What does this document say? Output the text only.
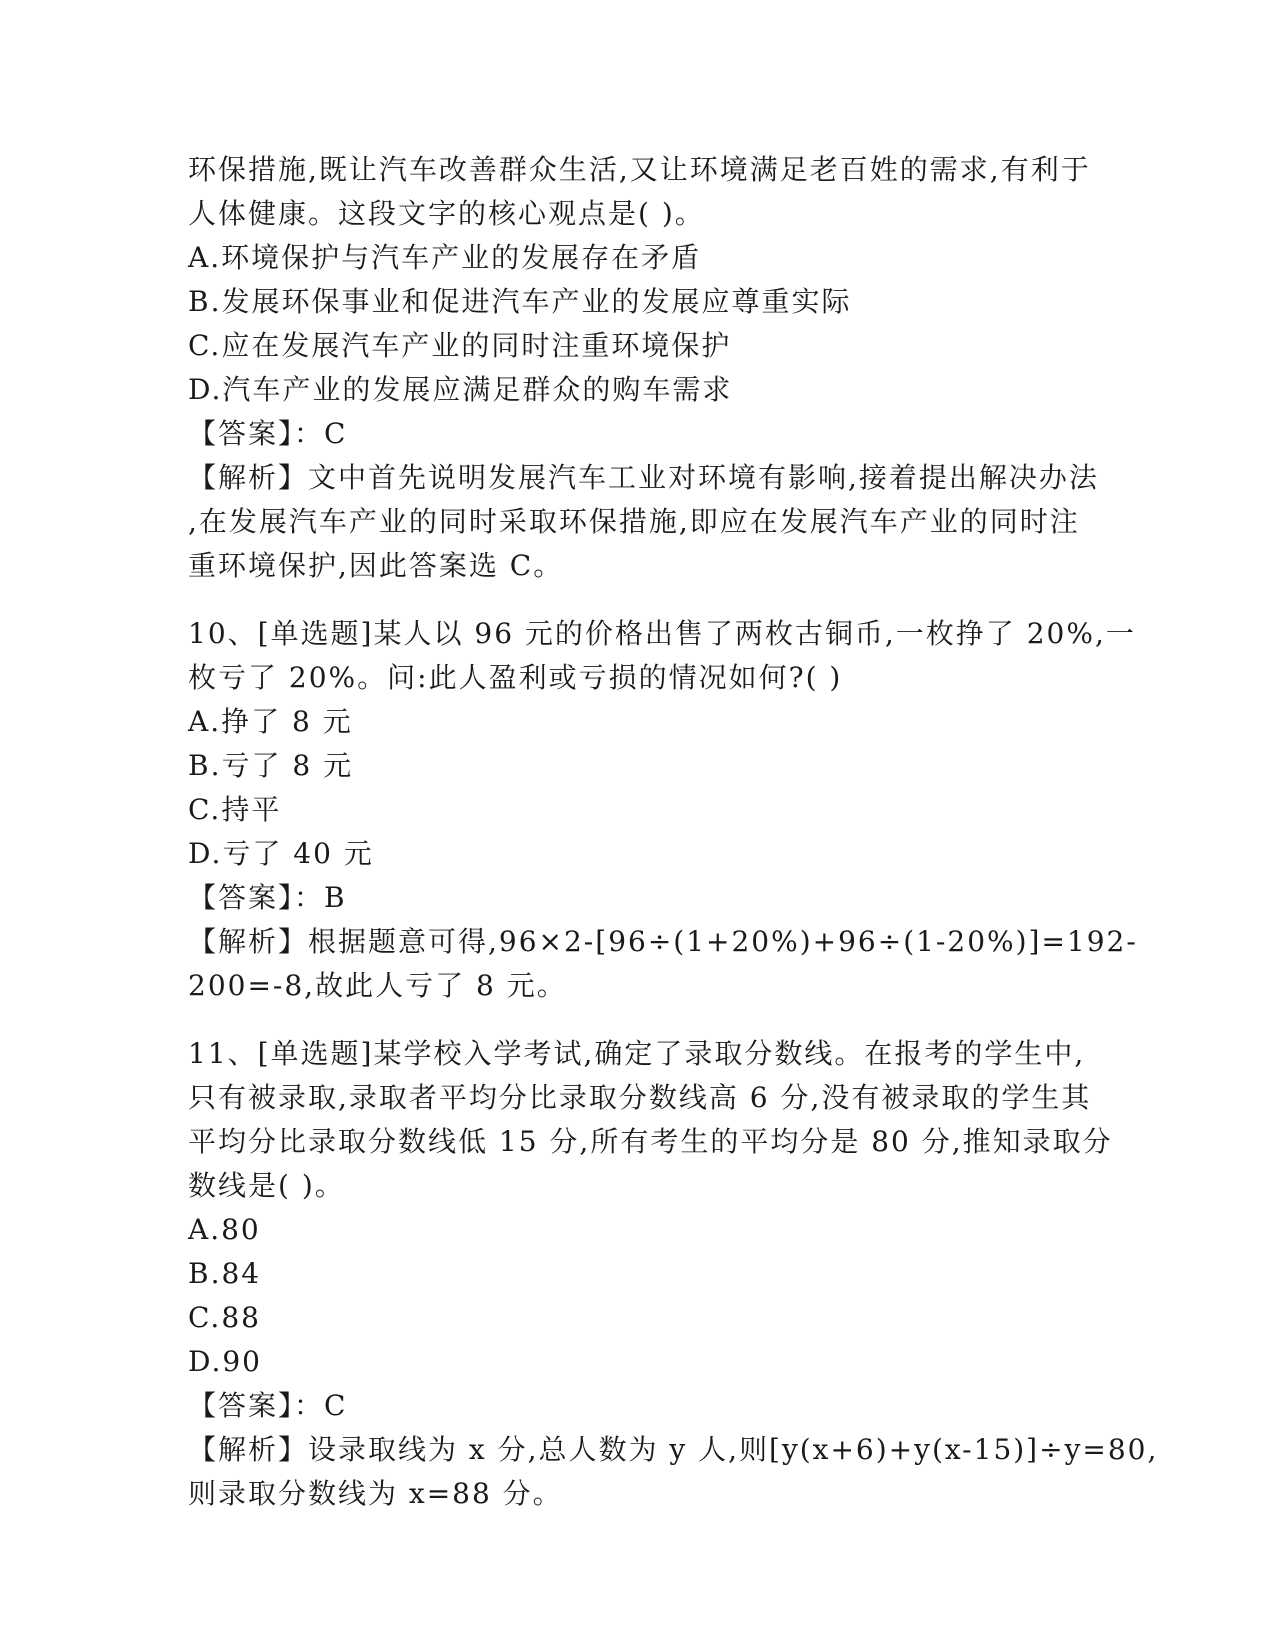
环保措施,既让汽车改善群众生活,又让环境满足老百姓的需求,有利于
人体健康。这段文字的核心观点是( )。
A.环境保护与汽车产业的发展存在矛盾
B.发展环保事业和促进汽车产业的发展应尊重实际
C.应在发展汽车产业的同时注重环境保护
D.汽车产业的发展应满足群众的购车需求
【答案】：C
【解析】文中首先说明发展汽车工业对环境有影响,接着提出解决办法
,在发展汽车产业的同时采取环保措施,即应在发展汽车产业的同时注
重环境保护,因此答案选 C。
10、[单选题]某人以 96 元的价格出售了两枚古铜币,一枚挣了 20%,一
枚亏了 20%。问:此人盈利或亏损的情况如何?( )
A.挣了 8 元
B.亏了 8 元
C.持平
D.亏了 40 元
【答案】：B
【解析】根据题意可得,96×2-[96÷(1+20%)+96÷(1-20%)]=192-
200=-8,故此人亏了 8 元。
11、[单选题]某学校入学考试,确定了录取分数线。在报考的学生中,
只有被录取,录取者平均分比录取分数线高 6 分,没有被录取的学生其
平均分比录取分数线低 15 分,所有考生的平均分是 80 分,推知录取分
数线是( )。
A.80
B.84
C.88
D.90
【答案】：C
【解析】设录取线为 x 分,总人数为 y 人,则[y(x+6)+y(x-15)]÷y=80,
则录取分数线为 x=88 分。
